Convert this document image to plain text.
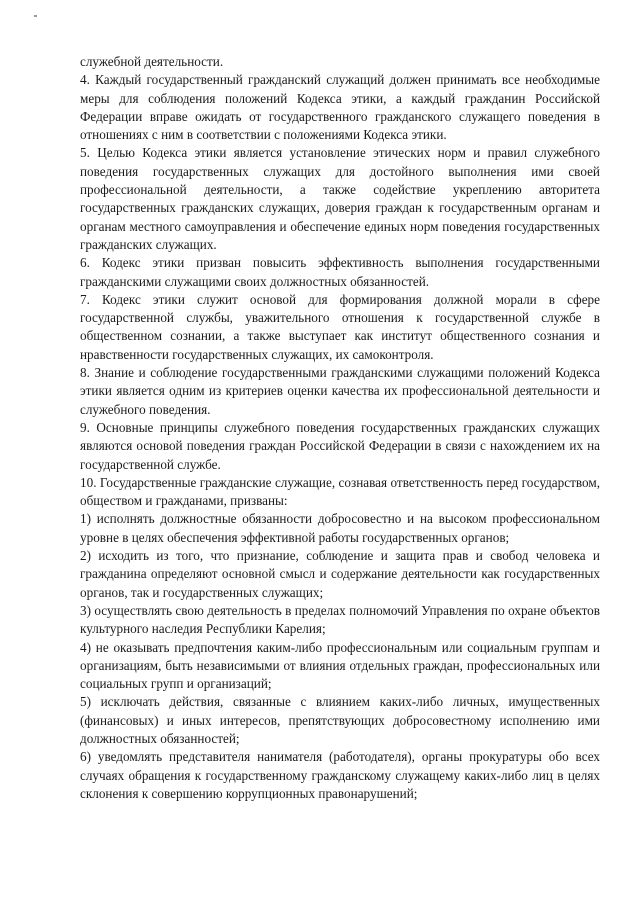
служебной деятельности.

4. Каждый государственный гражданский служащий должен принимать все необходимые меры для соблюдения положений Кодекса этики, а каждый гражданин Российской Федерации вправе ожидать от государственного гражданского служащего поведения в отношениях с ним в соответствии с положениями Кодекса этики.

5. Целью Кодекса этики является установление этических норм и правил служебного поведения государственных служащих для достойного выполнения ими своей профессиональной деятельности, а также содействие укреплению авторитета государственных гражданских служащих, доверия граждан к государственным органам и органам местного самоуправления и обеспечение единых норм поведения государственных гражданских служащих.

6. Кодекс этики призван повысить эффективность выполнения государственными гражданскими служащими своих должностных обязанностей.

7. Кодекс этики служит основой для формирования должной морали в сфере государственной службы, уважительного отношения к государственной службе в общественном сознании, а также выступает как институт общественного сознания и нравственности государственных служащих, их самоконтроля.

8. Знание и соблюдение государственными гражданскими служащими положений Кодекса этики является одним из критериев оценки качества их профессиональной деятельности и служебного поведения.

9. Основные принципы служебного поведения государственных гражданских служащих являются основой поведения граждан Российской Федерации в связи с нахождением их на государственной службе.

10. Государственные гражданские служащие, сознавая ответственность перед государством, обществом и гражданами, призваны:

1) исполнять должностные обязанности добросовестно и на высоком профессиональном уровне в целях обеспечения эффективной работы государственных органов;

2) исходить из того, что признание, соблюдение и защита прав и свобод человека и гражданина определяют основной смысл и содержание деятельности как государственных органов, так и государственных служащих;

3) осуществлять свою деятельность в пределах полномочий Управления по охране объектов культурного наследия Республики Карелия;

4) не оказывать предпочтения каким-либо профессиональным или социальным группам и организациям, быть независимыми от влияния отдельных граждан, профессиональных или социальных групп и организаций;

5) исключать действия, связанные с влиянием каких-либо личных, имущественных (финансовых) и иных интересов, препятствующих добросовестному исполнению ими должностных обязанностей;

6) уведомлять представителя нанимателя (работодателя), органы прокуратуры обо всех случаях обращения к государственному гражданскому служащему каких-либо лиц в целях склонения к совершению коррупционных правонарушений;
